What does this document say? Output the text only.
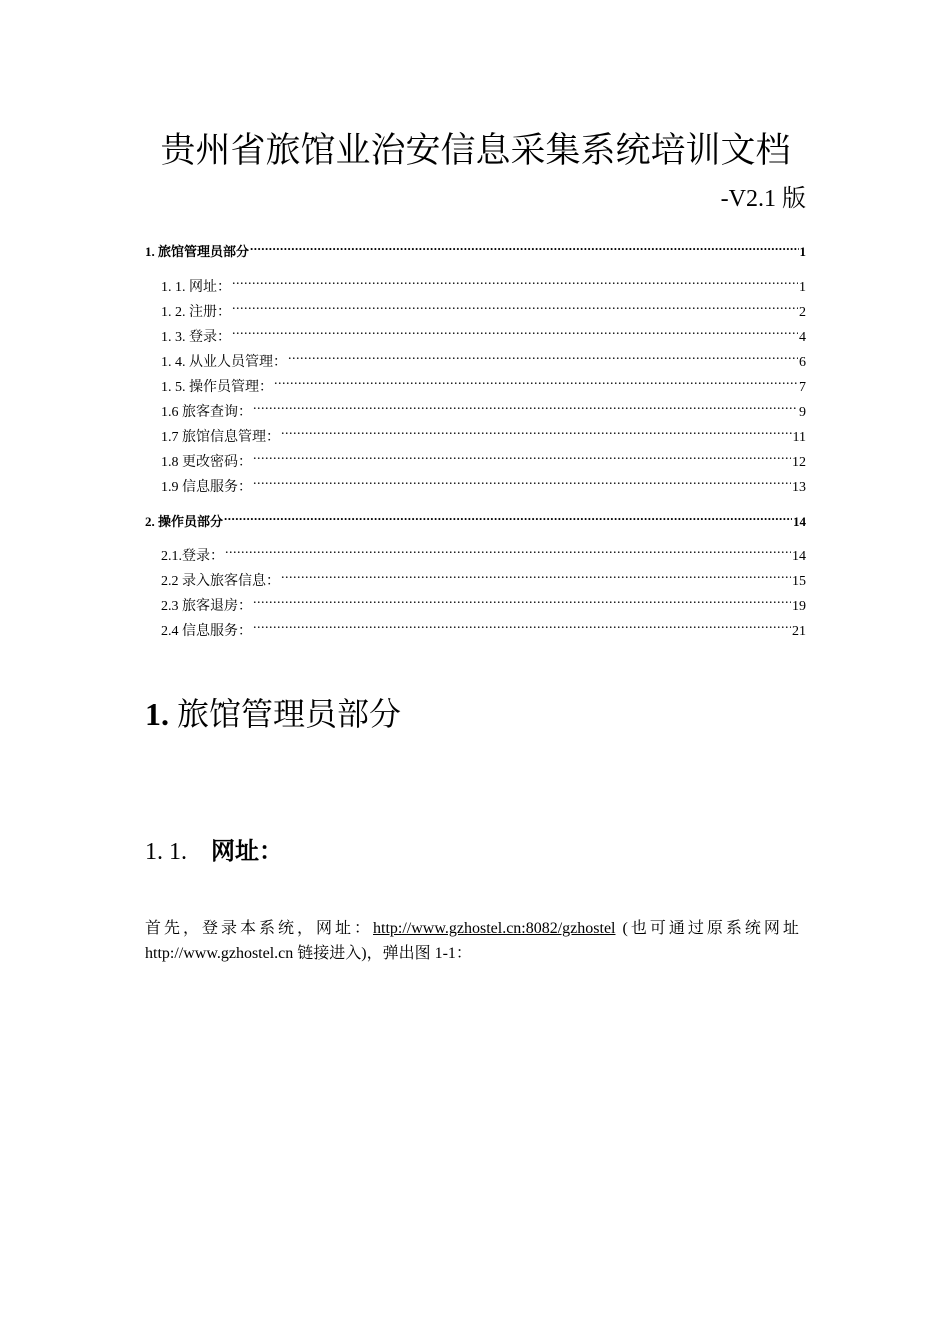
贵州省旅馆业治安信息采集系统培训文档
-V2.1 版
1. 旅馆管理员部分 .....	1
1. 1. 网址： .....	1
1. 2. 注册： .....	2
1. 3. 登录： .....	4
1. 4. 从业人员管理： .....	6
1. 5. 操作员管理： .....	7
1.6 旅客查询： .....	9
1.7 旅馆信息管理： .....	11
1.8 更改密码： .....	12
1.9 信息服务： .....	13
2. 操作员部分 .....	14
2.1.登录： .....	14
2.2 录入旅客信息： .....	15
2.3 旅客退房： .....	19
2.4 信息服务： .....	21
1. 旅馆管理员部分
1. 1. 网址：
首先，登录本系统，网址：http://www.gzhostel.cn:8082/gzhostel (也可通过原系统网址
http://www.gzhostel.cn 链接进入)，弹出图 1-1：
